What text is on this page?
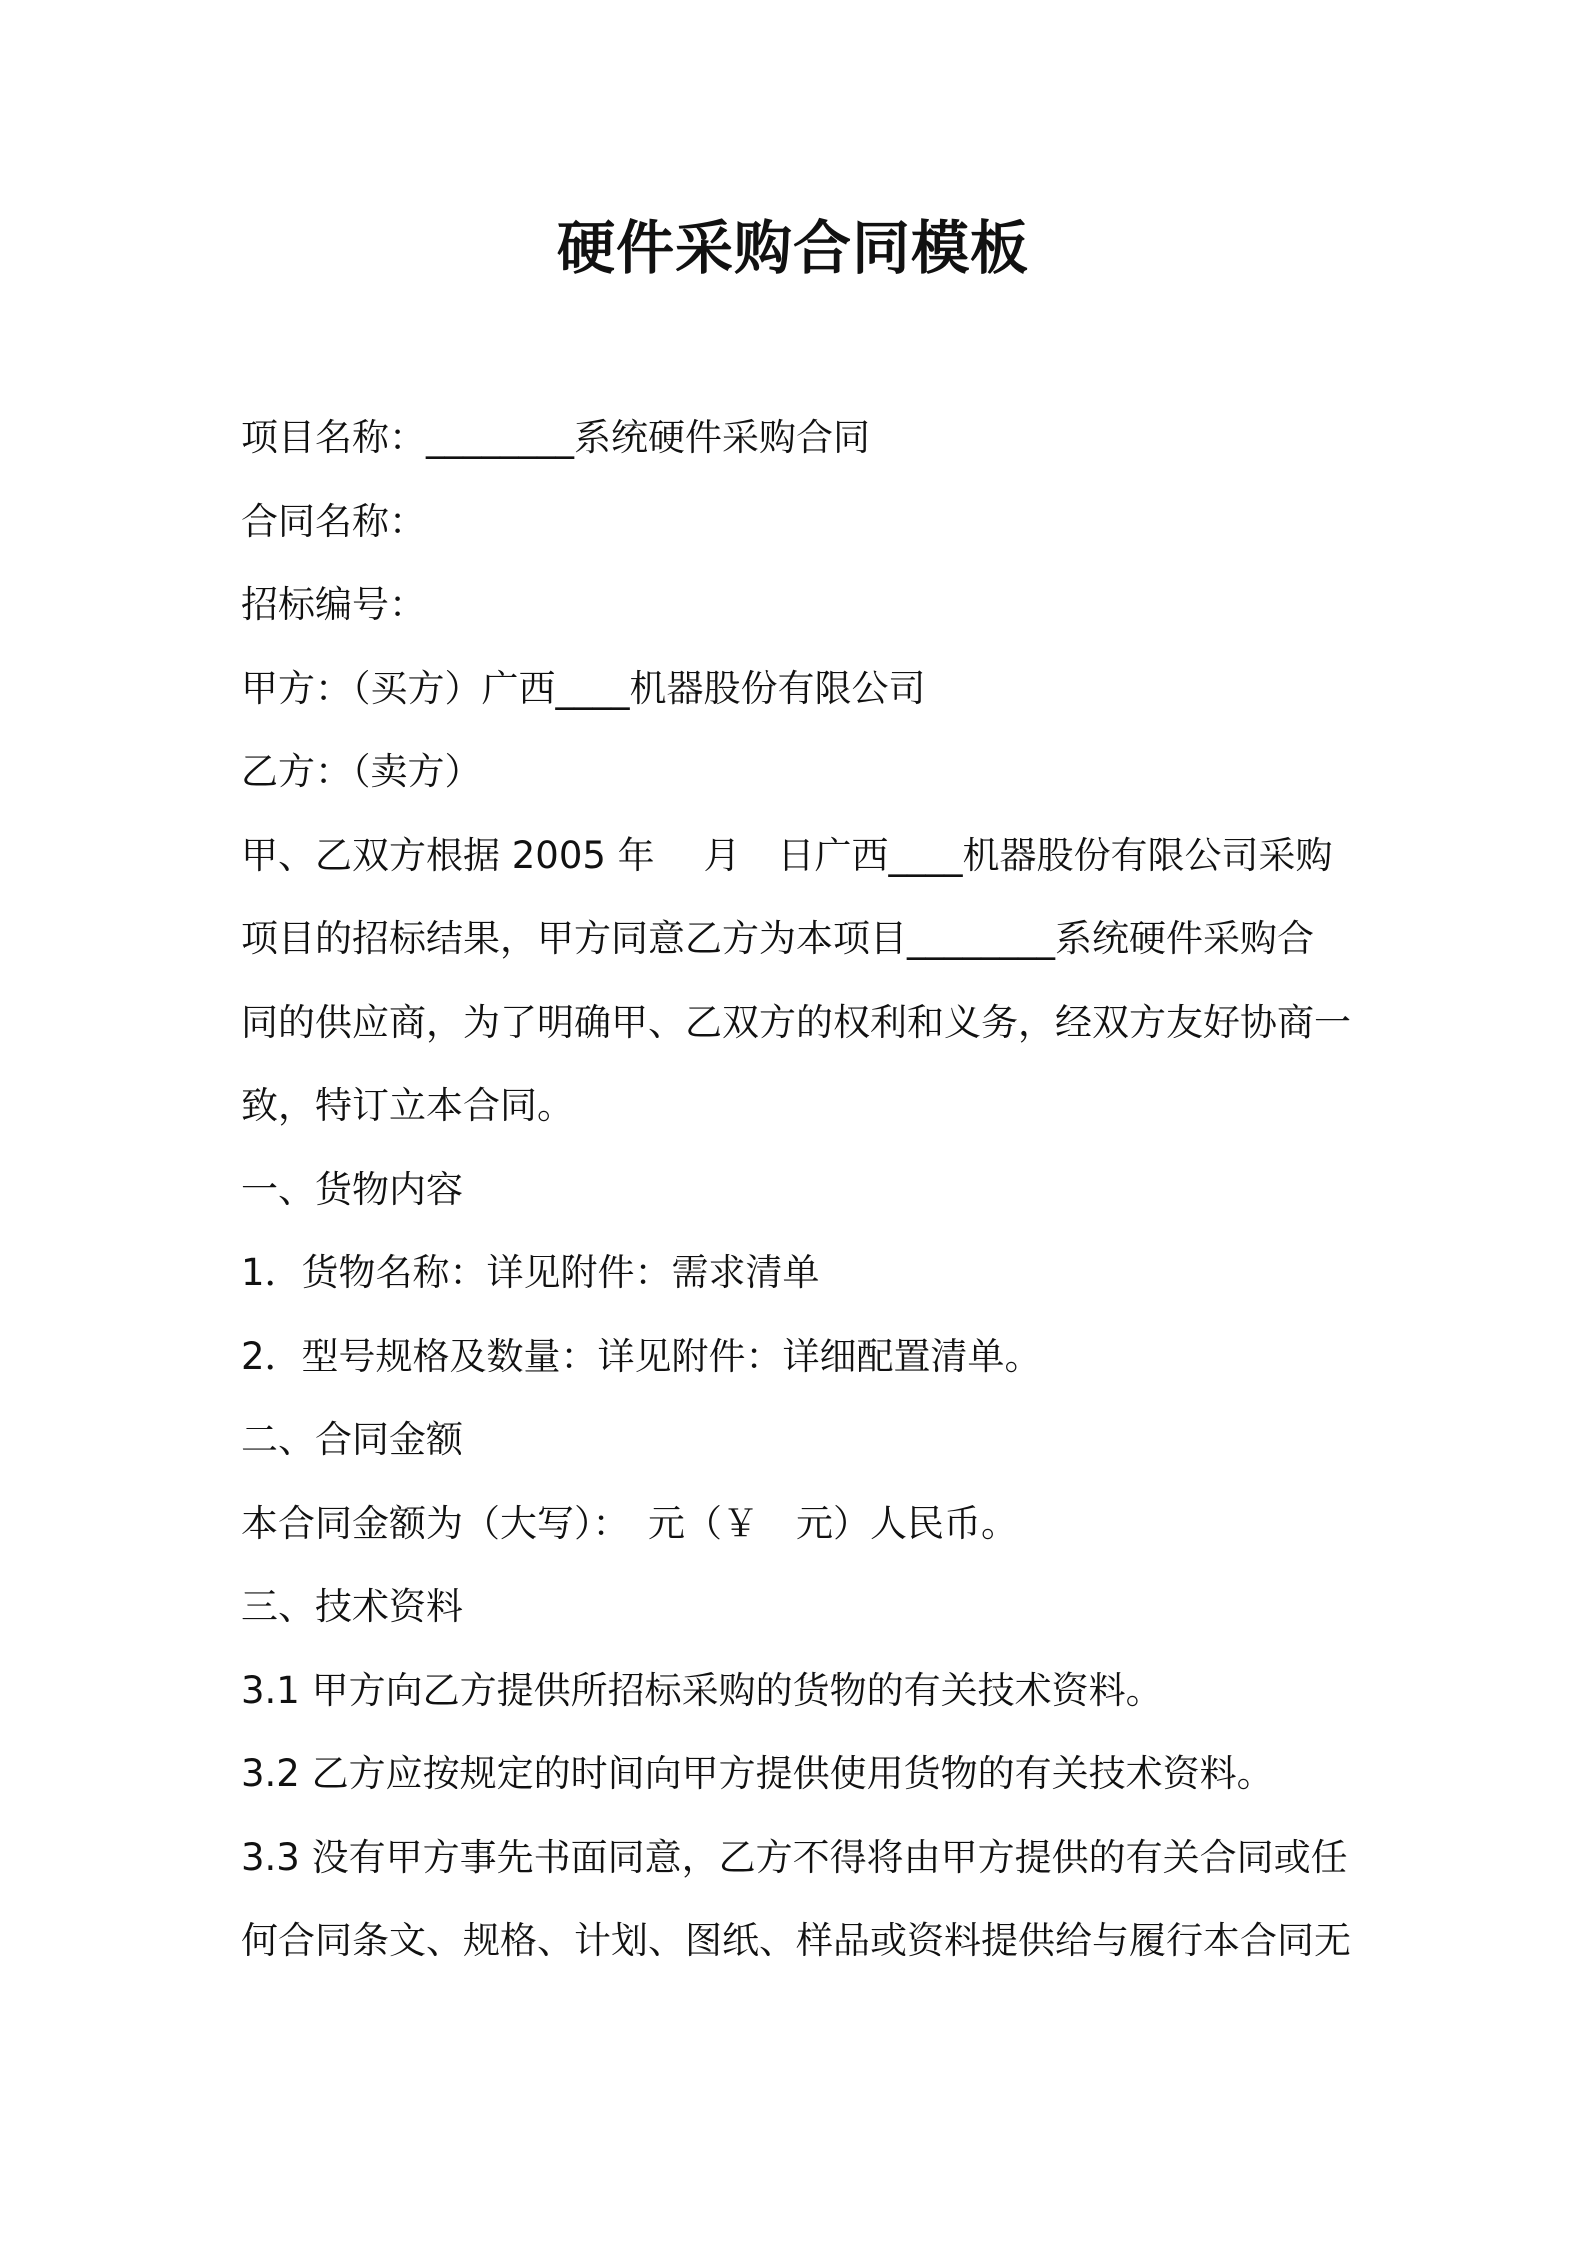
硬件采购合同模板
项目名称：________系统硬件采购合同
合同名称：
招标编号：
甲方：（买方）广西____机器股份有限公司
乙方：（卖方）
甲、乙双方根据 2005 年　 月　日广西____机器股份有限公司采购
项目的招标结果，甲方同意乙方为本项目________系统硬件采购合
同的供应商，为了明确甲、乙双方的权利和义务，经双方友好协商一
致，特订立本合同。
一、货物内容
1．货物名称：详见附件：需求清单
2．型号规格及数量：详见附件：详细配置清单。
二、合同金额
本合同金额为（大写）：　元（￥　元）人民币。
三、技术资料
3.1 甲方向乙方提供所招标采购的货物的有关技术资料。
3.2 乙方应按规定的时间向甲方提供使用货物的有关技术资料。
3.3 没有甲方事先书面同意，乙方不得将由甲方提供的有关合同或任
何合同条文、规格、计划、图纸、样品或资料提供给与履行本合同无
